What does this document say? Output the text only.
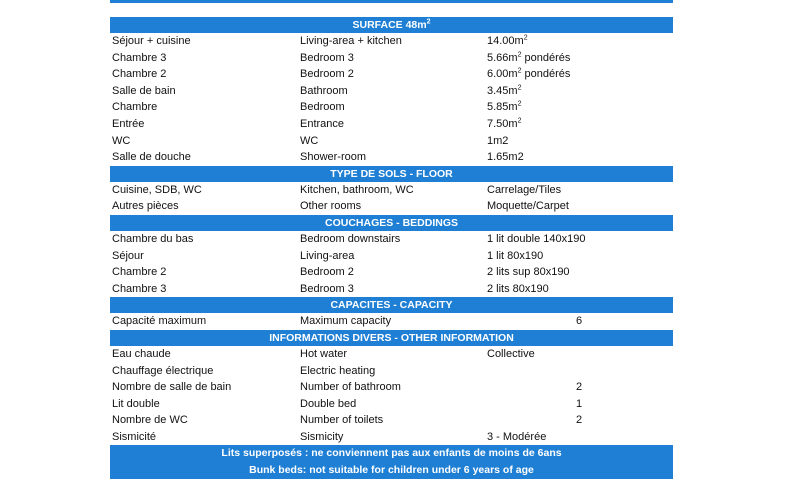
SURFACE $48m^2$
Séjour + cuisine	Living-area + kitchen	$14.00m^2$
Chambre 3	Bedroom 3	$5.66m^2$ pondérés
Chambre 2	Bedroom 2	$6.00m^2$ pondérés
Salle de bain	Bathroom	$3.45m^2$
Chambre	Bedroom	$5.85m^2$
Entrée	Entrance	$7.50m^2$
WC	WC	1m2
Salle de douche	Shower-room	1.65m2
TYPE DE SOLS - FLOOR
Cuisine, SDB, WC	Kitchen, bathroom, WC	Carrelage/Tiles
Autres pièces	Other rooms	Moquette/Carpet
COUCHAGES - BEDDINGS
Chambre du bas	Bedroom downstairs	1 lit double 140x190
Séjour	Living-area	1 lit 80x190
Chambre 2	Bedroom 2	2 lits sup 80x190
Chambre 3	Bedroom 3	2 lits 80x190
CAPACITES - CAPACITY
Capacité maximum	Maximum capacity	6
INFORMATIONS DIVERS - OTHER INFORMATION
Eau chaude	Hot water	Collective
Chauffage électrique	Electric heating
Nombre de salle de bain	Number of bathroom	2
Lit double	Double bed	1
Nombre de WC	Number of toilets	2
Sismicité	Sismicity	3 - Modérée
Lits superposés : ne conviennent pas aux enfants de moins de 6ans
Bunk beds: not suitable for children under 6 years of age
